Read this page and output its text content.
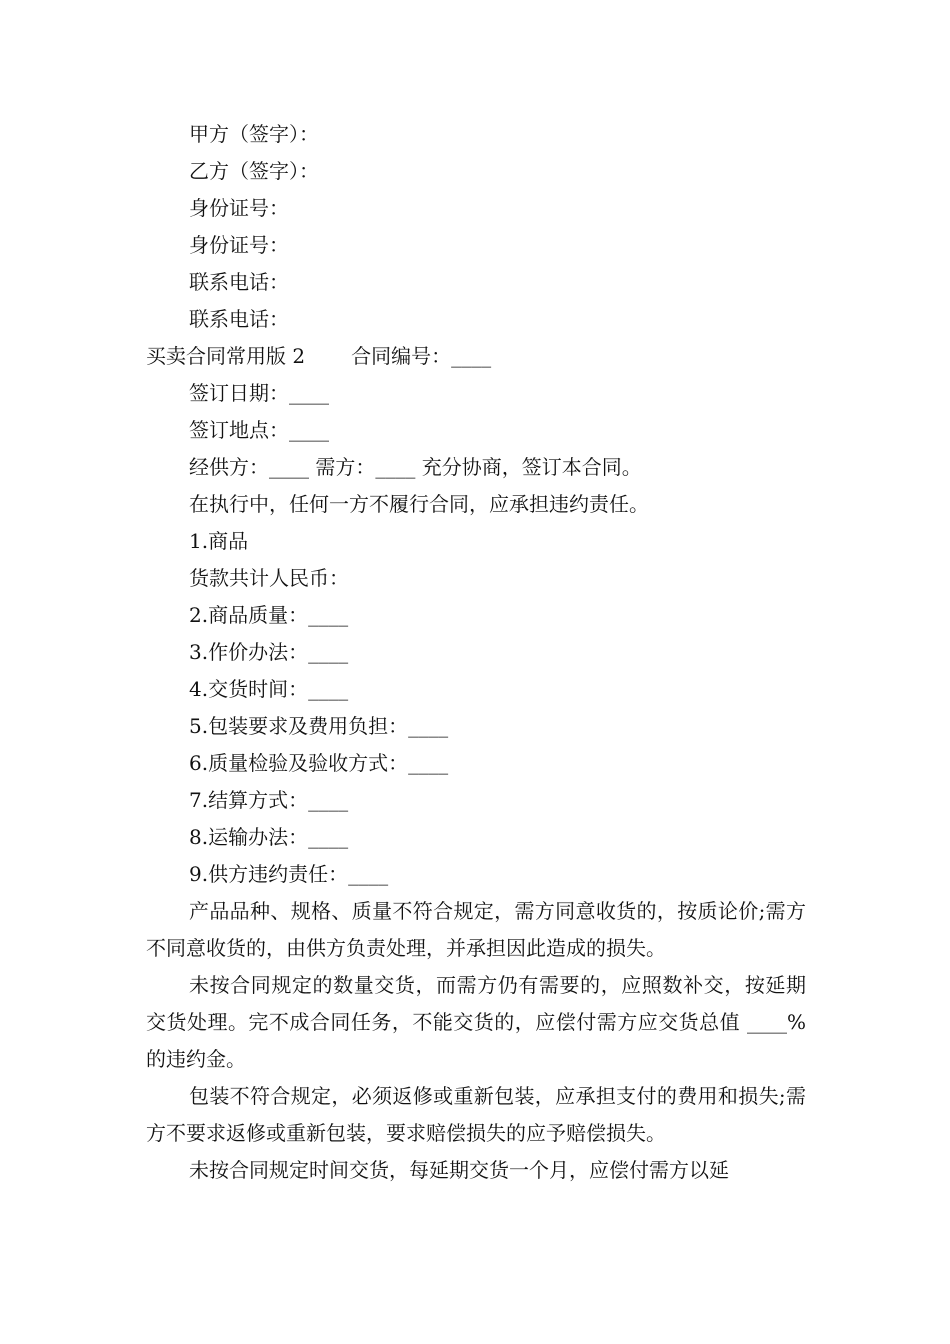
甲方（签字）：
乙方（签字）：
身份证号：
身份证号：
联系电话：
联系电话：
买卖合同常用版 2 合同编号：____
签订日期：____
签订地点：____
经供方：____ 需方：____ 充分协商，签订本合同。
在执行中，任何一方不履行合同，应承担违约责任。
1.商品
货款共计人民币：
2.商品质量：____
3.作价办法：____
4.交货时间：____
5.包装要求及费用负担：____
6.质量检验及验收方式：____
7.结算方式：____
8.运输办法：____
9.供方违约责任：____

产品品种、规格、质量不符合规定，需方同意收货的，按质论价;需方不同意收货的，由供方负责处理，并承担因此造成的损失。

未按合同规定的数量交货，而需方仍有需要的，应照数补交，按延期交货处理。完不成合同任务，不能交货的，应偿付需方应交货总值 ____%的违约金。

包装不符合规定，必须返修或重新包装，应承担支付的费用和损失;需方不要求返修或重新包装，要求赔偿损失的应予赔偿损失。

未按合同规定时间交货，每延期交货一个月，应偿付需方以延
